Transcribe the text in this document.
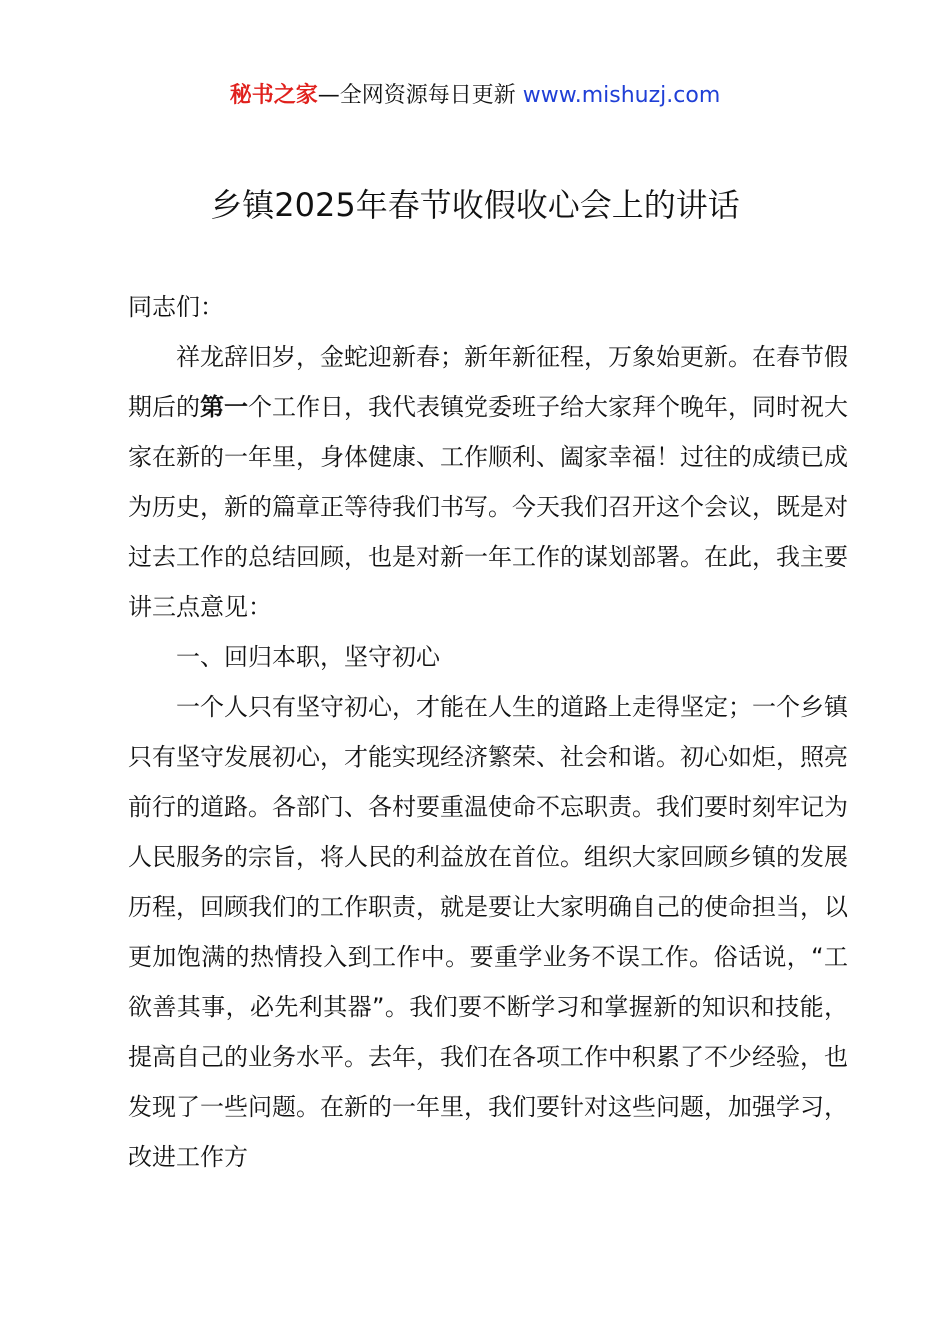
秘书之家—全网资源每日更新 www.mishuzj.com
乡镇2025年春节收假收心会上的讲话

同志们：

祥龙辞旧岁，金蛇迎新春；新年新征程，万象始更新。在春节假期后的第一个工作日，我代表镇党委班子给大家拜个晚年，同时祝大家在新的一年里，身体健康、工作顺利、阖家幸福！过往的成绩已成为历史，新的篇章正等待我们书写。今天我们召开这个会议，既是对过去工作的总结回顾，也是对新一年工作的谋划部署。在此，我主要讲三点意见：

一、回归本职，坚守初心

一个人只有坚守初心，才能在人生的道路上走得坚定；一个乡镇只有坚守发展初心，才能实现经济繁荣、社会和谐。初心如炬，照亮前行的道路。各部门、各村要重温使命不忘职责。我们要时刻牢记为人民服务的宗旨，将人民的利益放在首位。组织大家回顾乡镇的发展历程，回顾我们的工作职责，就是要让大家明确自己的使命担当，以更加饱满的热情投入到工作中。要重学业务不误工作。俗话说，“工欲善其事，必先利其器”。我们要不断学习和掌握新的知识和技能，提高自己的业务水平。去年，我们在各项工作中积累了不少经验，也发现了一些问题。在新的一年里，我们要针对这些问题，加强学习，改进工作方
